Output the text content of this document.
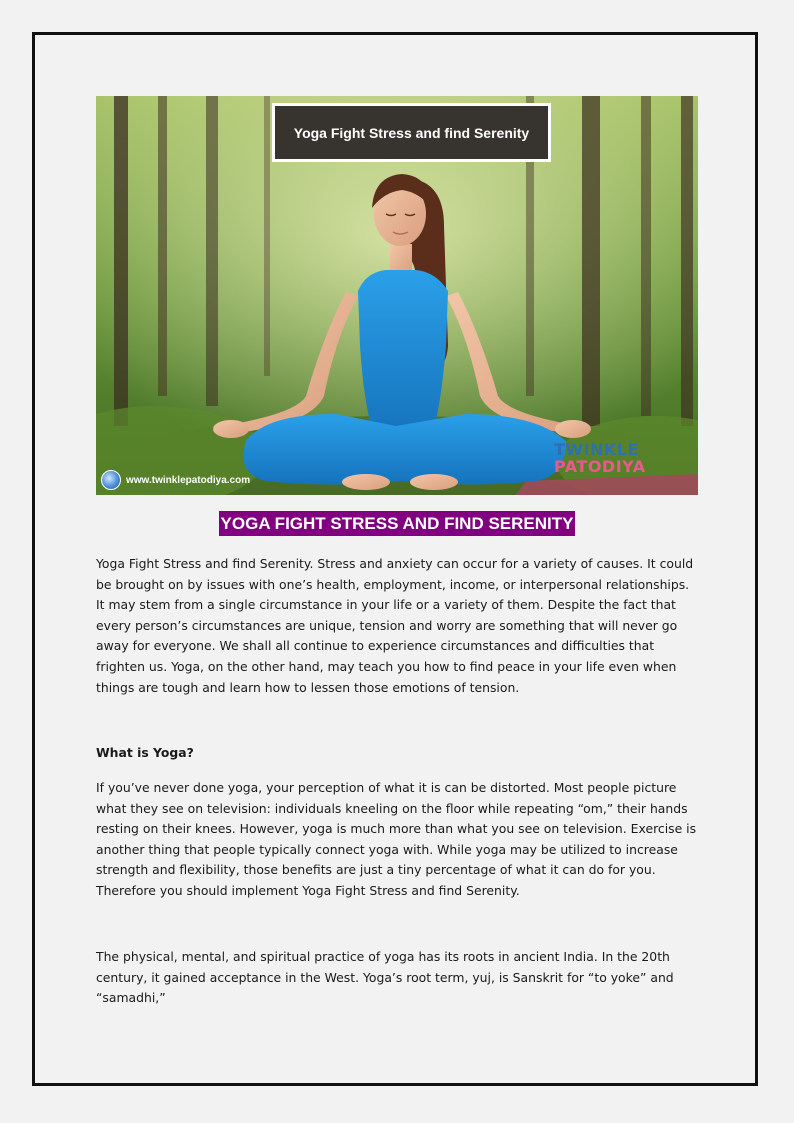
Yoga Fight Stress and find Serenity
www.twinklepatodiya.com
TWINKLE
PATODIYA
YOGA FIGHT STRESS AND FIND SERENITY

Yoga Fight Stress and find Serenity. Stress and anxiety can occur for a variety of causes. It could be brought on by issues with one’s health, employment, income, or interpersonal relationships. It may stem from a single circumstance in your life or a variety of them. Despite the fact that every person’s circumstances are unique, tension and worry are something that will never go away for everyone. We shall all continue to experience circumstances and difficulties that frighten us. Yoga, on the other hand, may teach you how to find peace in your life even when things are tough and learn how to lessen those emotions of tension.

What is Yoga?

If you’ve never done yoga, your perception of what it is can be distorted. Most people picture what they see on television: individuals kneeling on the floor while repeating “om,” their hands resting on their knees. However, yoga is much more than what you see on television. Exercise is another thing that people typically connect yoga with. While yoga may be utilized to increase strength and flexibility, those benefits are just a tiny percentage of what it can do for you. Therefore you should implement Yoga Fight Stress and find Serenity.

The physical, mental, and spiritual practice of yoga has its roots in ancient India. In the 20th century, it gained acceptance in the West. Yoga’s root term, yuj, is Sanskrit for “to yoke” and “samadhi,”
